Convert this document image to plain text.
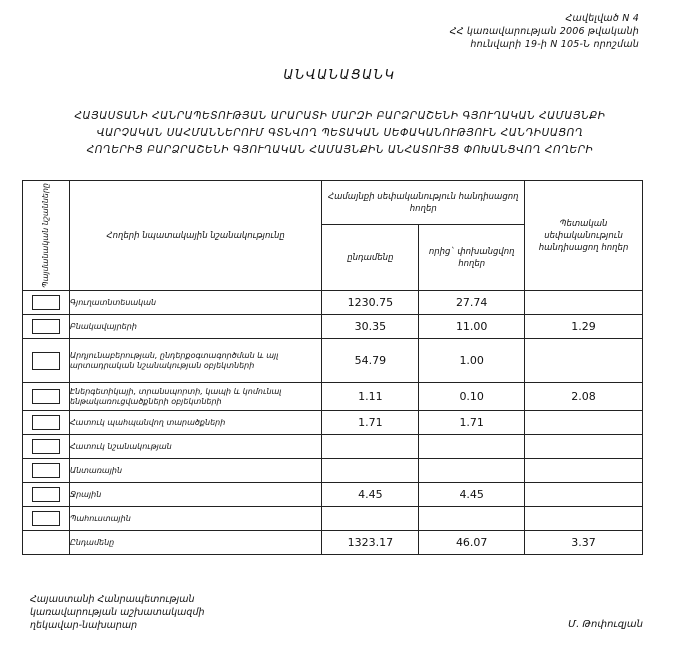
Հավելված N 4
ՀՀ կառավարության 2006 թվականի
հունվարի 19-ի N 105-Ն որոշման
ԱՆՎԱՆԱՑԱՆԿ
ՀԱՅԱՍՏԱՆԻ ՀԱՆՐԱՊԵՏՈՒԹՅԱՆ ԱՐԱՐԱՏԻ ՄԱՐԶԻ ԲԱՐՁՐԱՇԵՆԻ ԳՅՈՒՂԱԿԱՆ ՀԱՄԱՅՆՔԻ
ՎԱՐՉԱԿԱՆ ՍԱՀՄԱՆՆԵՐՈՒՄ ԳՏՆՎՈՂ ՊԵՏԱԿԱՆ ՍԵՓԱԿԱՆՈՒԹՅՈՒՆ ՀԱՆԴԻՍԱՑՈՂ
ՀՈՂԵՐԻՑ ԲԱՐՁՐԱՇԵՆԻ ԳՅՈՒՂԱԿԱՆ ՀԱՄԱՅՆՔԻՆ ԱՆՀԱՏՈՒՅՑ ՓՈԽԱՆՑՎՈՂ ՀՈՂԵՐԻ
Պայմանական նշանները	Հողերի նպատակային նշանակությունը	Համայնքի սեփականություն հանդիսացող հողեր		Պետական սեփականություն հանդիսացող հողեր
		ընդամենը	որից` փոխանցվող հողեր	

	Գյուղատնտեսական	1230.75	27.74	

	Բնակավայրերի	30.35	11.00	1.29

	Արդյունաբերության, ընդերքօգտագործման և այլ արտադրական նշանակության օբյեկտների	54.79	1.00	

	Էներգետիկայի, տրանսպորտի, կապի և կոմունալ ենթակառուցվածքների օբյեկտների	1.11	0.10	2.08

	Հատուկ պահպանվող տարածքների	1.71	1.71	

	Հատուկ նշանակության			

	Անտառային			

	Ջրային	4.45	4.45	

	Պահուստային			
	Ընդամենը	1323.17	46.07	3.37
Հայաստանի Հանրապետության
կառավարության աշխատակազմի
ղեկավար-նախարար	Մ. Թոփուզյան
